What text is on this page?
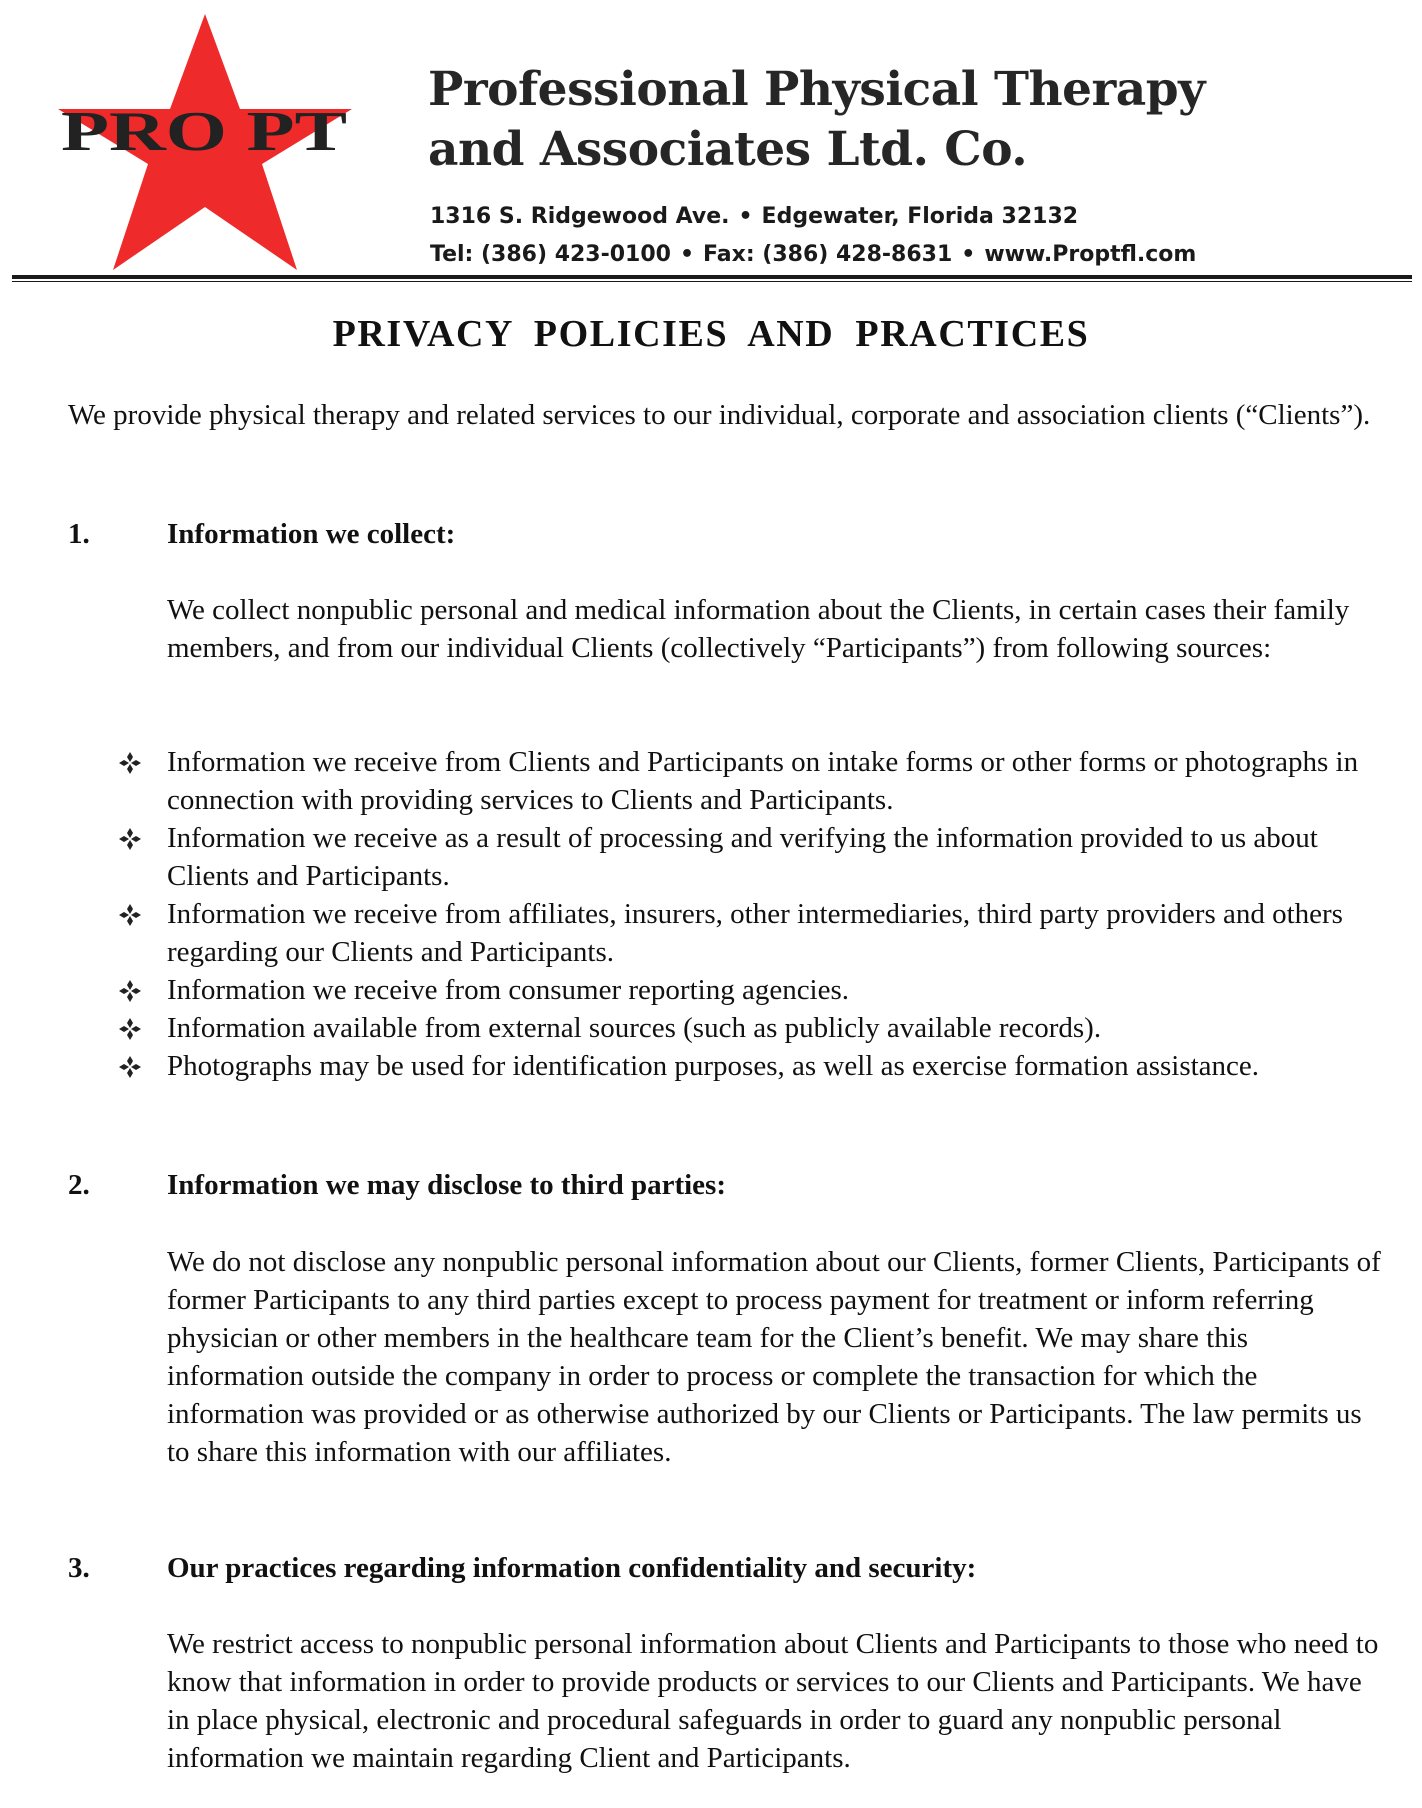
PRO PT
Professional Physical Therapy
and Associates Ltd. Co.
1316 S. Ridgewood Ave. • Edgewater, Florida 32132
Tel: (386) 423-0100 • Fax: (386) 428-8631 • www.Proptfl.com
PRIVACY POLICIES AND PRACTICES

We provide physical therapy and related services to our individual, corporate and association clients (“Clients”).

1.	Information we collect:

We collect nonpublic personal and medical information about the Clients, in certain cases their family members, and from our individual Clients (collectively “Participants”) from following sources:

Information we receive from Clients and Participants on intake forms or other forms or photographs in connection with providing services to Clients and Participants.
Information we receive as a result of processing and verifying the information provided to us about Clients and Participants.
Information we receive from affiliates, insurers, other intermediaries, third party providers and others regarding our Clients and Participants.
Information we receive from consumer reporting agencies.
Information available from external sources (such as publicly available records).
Photographs may be used for identification purposes, as well as exercise formation assistance.
2.	Information we may disclose to third parties:

We do not disclose any nonpublic personal information about our Clients, former Clients, Participants of former Participants to any third parties except to process payment for treatment or inform referring physician or other members in the healthcare team for the Client’s benefit. We may share this information outside the company in order to process or complete the transaction for which the information was provided or as otherwise authorized by our Clients or Participants. The law permits us to share this information with our affiliates.

3.	Our practices regarding information confidentiality and security:

We restrict access to nonpublic personal information about Clients and Participants to those who need to know that information in order to provide products or services to our Clients and Participants. We have in place physical, electronic and procedural safeguards in order to guard any nonpublic personal information we maintain regarding Client and Participants.
